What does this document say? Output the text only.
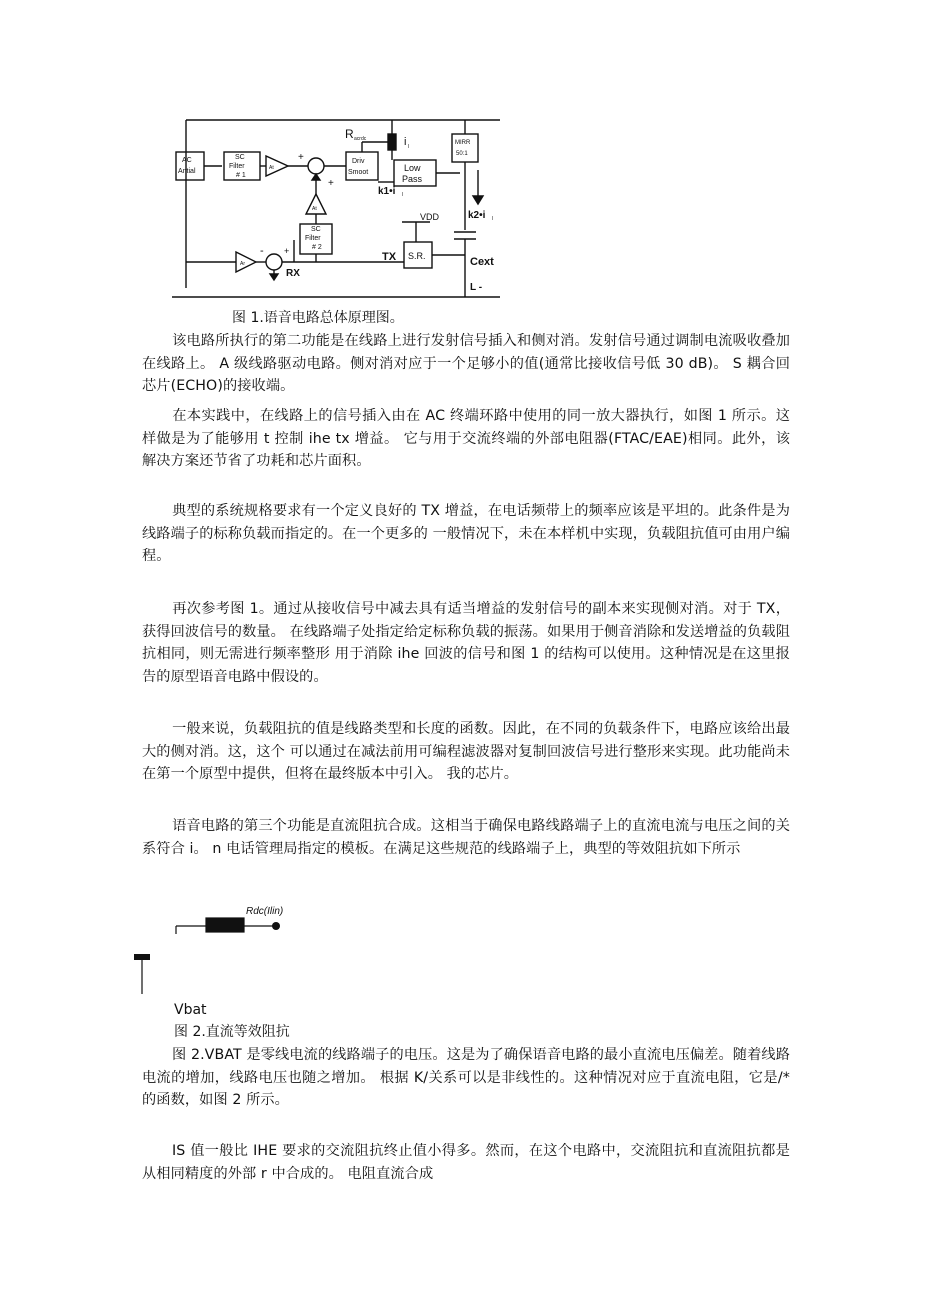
AC
Antial
SC
Filter
# 1
At
+
+
Driv
Smoot
R acrdc	i l
Low
Pass
k1•i l
MIRR
50:1
At
SC
Filter
# 2
VDD	k2•i l
Ar
- +	TX S.R.	Cext
RX
L -
图 1.语音电路总体原理图。
该电路所执行的第二功能是在线路上进行发射信号插入和侧对消。发射信号通过调制电流吸收叠加在线路上。 A 级线路驱动电路。侧对消对应于一个足够小的值(通常比接收信号低 30 dB)。 S 耦合回芯片(ECHO)的接收端。
在本实践中，在线路上的信号插入由在 AC 终端环路中使用的同一放大器执行，如图 1 所示。这样做是为了能够用 t 控制 ihe tx 增益。 它与用于交流终端的外部电阻器(FTAC/EAE)相同。此外，该解决方案还节省了功耗和芯片面积。
典型的系统规格要求有一个定义良好的 TX 增益，在电话频带上的频率应该是平坦的。此条件是为线路端子的标称负载而指定的。在一个更多的 一般情况下，未在本样机中实现，负载阻抗值可由用户编程。
再次参考图 1。通过从接收信号中减去具有适当增益的发射信号的副本来实现侧对消。对于 TX，获得回波信号的数量。 在线路端子处指定给定标称负载的振荡。如果用于侧音消除和发送增益的负载阻抗相同，则无需进行频率整形 用于消除 ihe 回波的信号和图 1 的结构可以使用。这种情况是在这里报告的原型语音电路中假设的。
一般来说，负载阻抗的值是线路类型和长度的函数。因此，在不同的负载条件下，电路应该给出最大的侧对消。这，这个 可以通过在减法前用可编程滤波器对复制回波信号进行整形来实现。此功能尚未在第一个原型中提供，但将在最终版本中引入。 我的芯片。
语音电路的第三个功能是直流阻抗合成。这相当于确保电路线路端子上的直流电流与电压之间的关系符合 i。 n 电话管理局指定的模板。在满足这些规范的线路端子上，典型的等效阻抗如下所示
Rdc(Ilin)
Vbat
图 2.直流等效阻抗
图 2.VBAT 是零线电流的线路端子的电压。这是为了确保语音电路的最小直流电压偏差。随着线路电流的增加，线路电压也随之增加。 根据 K/关系可以是非线性的。这种情况对应于直流电阻，它是/*的函数，如图 2 所示。
IS 值一般比 IHE 要求的交流阻抗终止值小得多。然而，在这个电路中，交流阻抗和直流阻抗都是从相同精度的外部 r 中合成的。 电阻直流合成
